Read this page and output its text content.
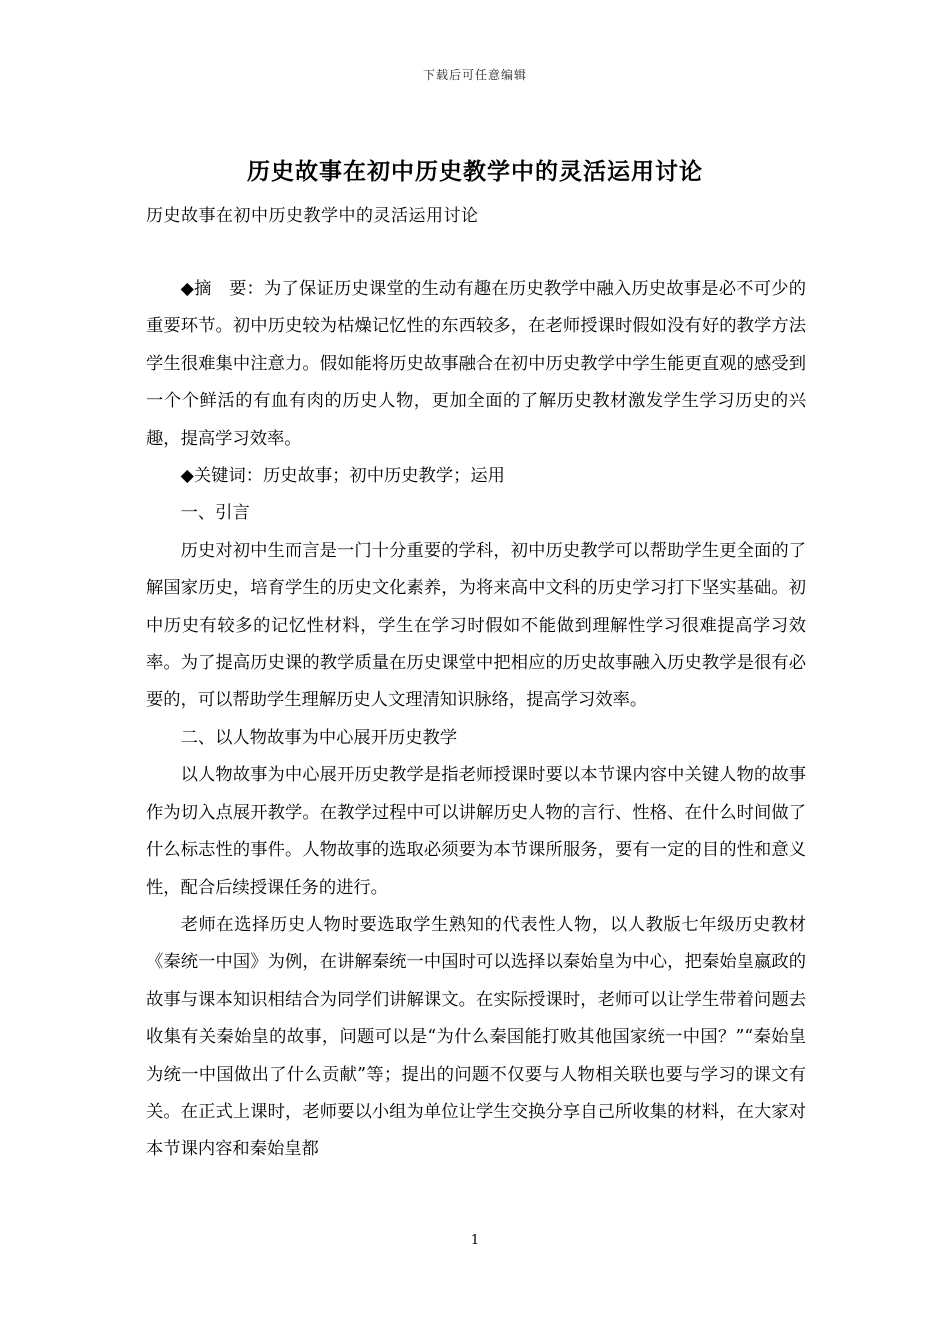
下载后可任意编辑
历史故事在初中历史教学中的灵活运用讨论
历史故事在初中历史教学中的灵活运用讨论

◆摘　要：为了保证历史课堂的生动有趣在历史教学中融入历史故事是必不可少的重要环节。初中历史较为枯燥记忆性的东西较多，在老师授课时假如没有好的教学方法学生很难集中注意力。假如能将历史故事融合在初中历史教学中学生能更直观的感受到一个个鲜活的有血有肉的历史人物，更加全面的了解历史教材激发学生学习历史的兴趣，提高学习效率。

◆关键词：历史故事；初中历史教学；运用

一、引言

历史对初中生而言是一门十分重要的学科，初中历史教学可以帮助学生更全面的了解国家历史，培育学生的历史文化素养，为将来高中文科的历史学习打下坚实基础。初中历史有较多的记忆性材料，学生在学习时假如不能做到理解性学习很难提高学习效率。为了提高历史课的教学质量在历史课堂中把相应的历史故事融入历史教学是很有必要的，可以帮助学生理解历史人文理清知识脉络，提高学习效率。

二、以人物故事为中心展开历史教学

以人物故事为中心展开历史教学是指老师授课时要以本节课内容中关键人物的故事作为切入点展开教学。在教学过程中可以讲解历史人物的言行、性格、在什么时间做了什么标志性的事件。人物故事的选取必须要为本节课所服务，要有一定的目的性和意义性，配合后续授课任务的进行。

老师在选择历史人物时要选取学生熟知的代表性人物，以人教版七年级历史教材《秦统一中国》为例，在讲解秦统一中国时可以选择以秦始皇为中心，把秦始皇嬴政的故事与课本知识相结合为同学们讲解课文。在实际授课时，老师可以让学生带着问题去收集有关秦始皇的故事，问题可以是“为什么秦国能打败其他国家统一中国？”“秦始皇为统一中国做出了什么贡献”等；提出的问题不仅要与人物相关联也要与学习的课文有关。在正式上课时，老师要以小组为单位让学生交换分享自己所收集的材料，在大家对本节课内容和秦始皇都

1
